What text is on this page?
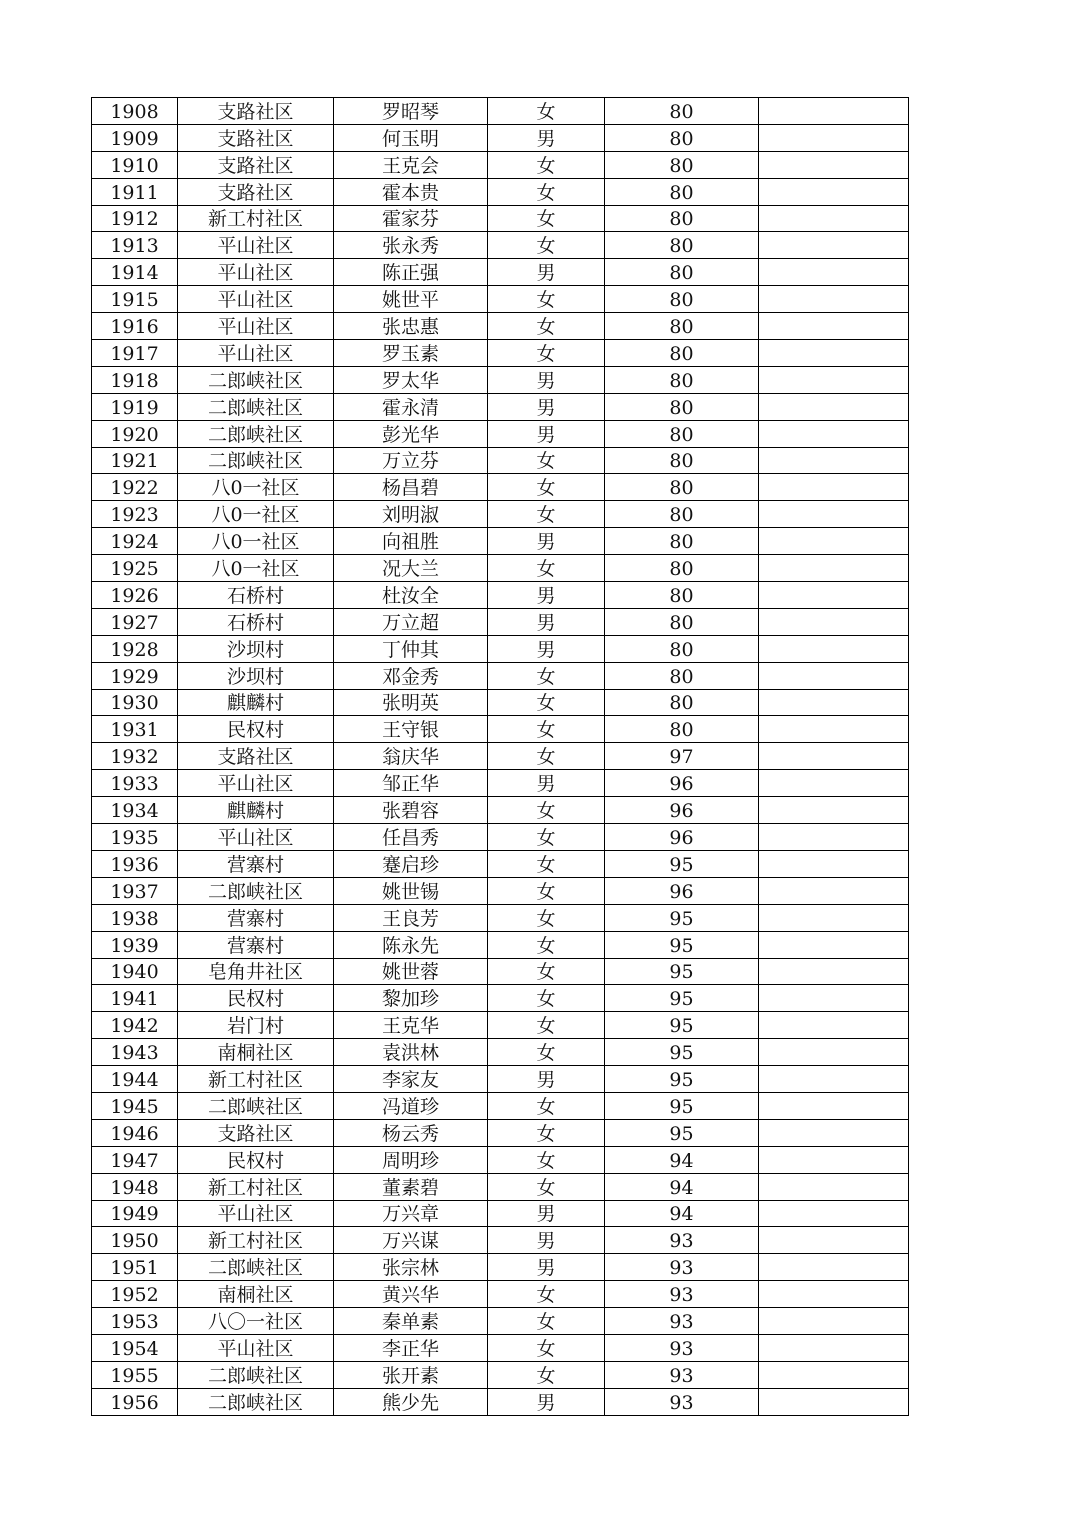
1908	支路社区	罗昭琴	女	80	
1909	支路社区	何玉明	男	80	
1910	支路社区	王克会	女	80	
1911	支路社区	霍本贵	女	80	
1912	新工村社区	霍家芬	女	80	
1913	平山社区	张永秀	女	80	
1914	平山社区	陈正强	男	80	
1915	平山社区	姚世平	女	80	
1916	平山社区	张忠惠	女	80	
1917	平山社区	罗玉素	女	80	
1918	二郎峡社区	罗太华	男	80	
1919	二郎峡社区	霍永清	男	80	
1920	二郎峡社区	彭光华	男	80	
1921	二郎峡社区	万立芬	女	80	
1922	八0一社区	杨昌碧	女	80	
1923	八0一社区	刘明淑	女	80	
1924	八0一社区	向祖胜	男	80	
1925	八0一社区	况大兰	女	80	
1926	石桥村	杜汝全	男	80	
1927	石桥村	万立超	男	80	
1928	沙坝村	丁仲其	男	80	
1929	沙坝村	邓金秀	女	80	
1930	麒麟村	张明英	女	80	
1931	民权村	王守银	女	80	
1932	支路社区	翁庆华	女	97	
1933	平山社区	邹正华	男	96	
1934	麒麟村	张碧容	女	96	
1935	平山社区	任昌秀	女	96	
1936	营寨村	蹇启珍	女	95	
1937	二郎峡社区	姚世锡	女	96	
1938	营寨村	王良芳	女	95	
1939	营寨村	陈永先	女	95	
1940	皂角井社区	姚世蓉	女	95	
1941	民权村	黎加珍	女	95	
1942	岩门村	王克华	女	95	
1943	南桐社区	袁洪林	女	95	
1944	新工村社区	李家友	男	95	
1945	二郎峡社区	冯道珍	女	95	
1946	支路社区	杨云秀	女	95	
1947	民权村	周明珍	女	94	
1948	新工村社区	董素碧	女	94	
1949	平山社区	万兴章	男	94	
1950	新工村社区	万兴谋	男	93	
1951	二郎峡社区	张宗林	男	93	
1952	南桐社区	黄兴华	女	93	
1953	八〇一社区	秦单素	女	93	
1954	平山社区	李正华	女	93	
1955	二郎峡社区	张开素	女	93	
1956	二郎峡社区	熊少先	男	93	
